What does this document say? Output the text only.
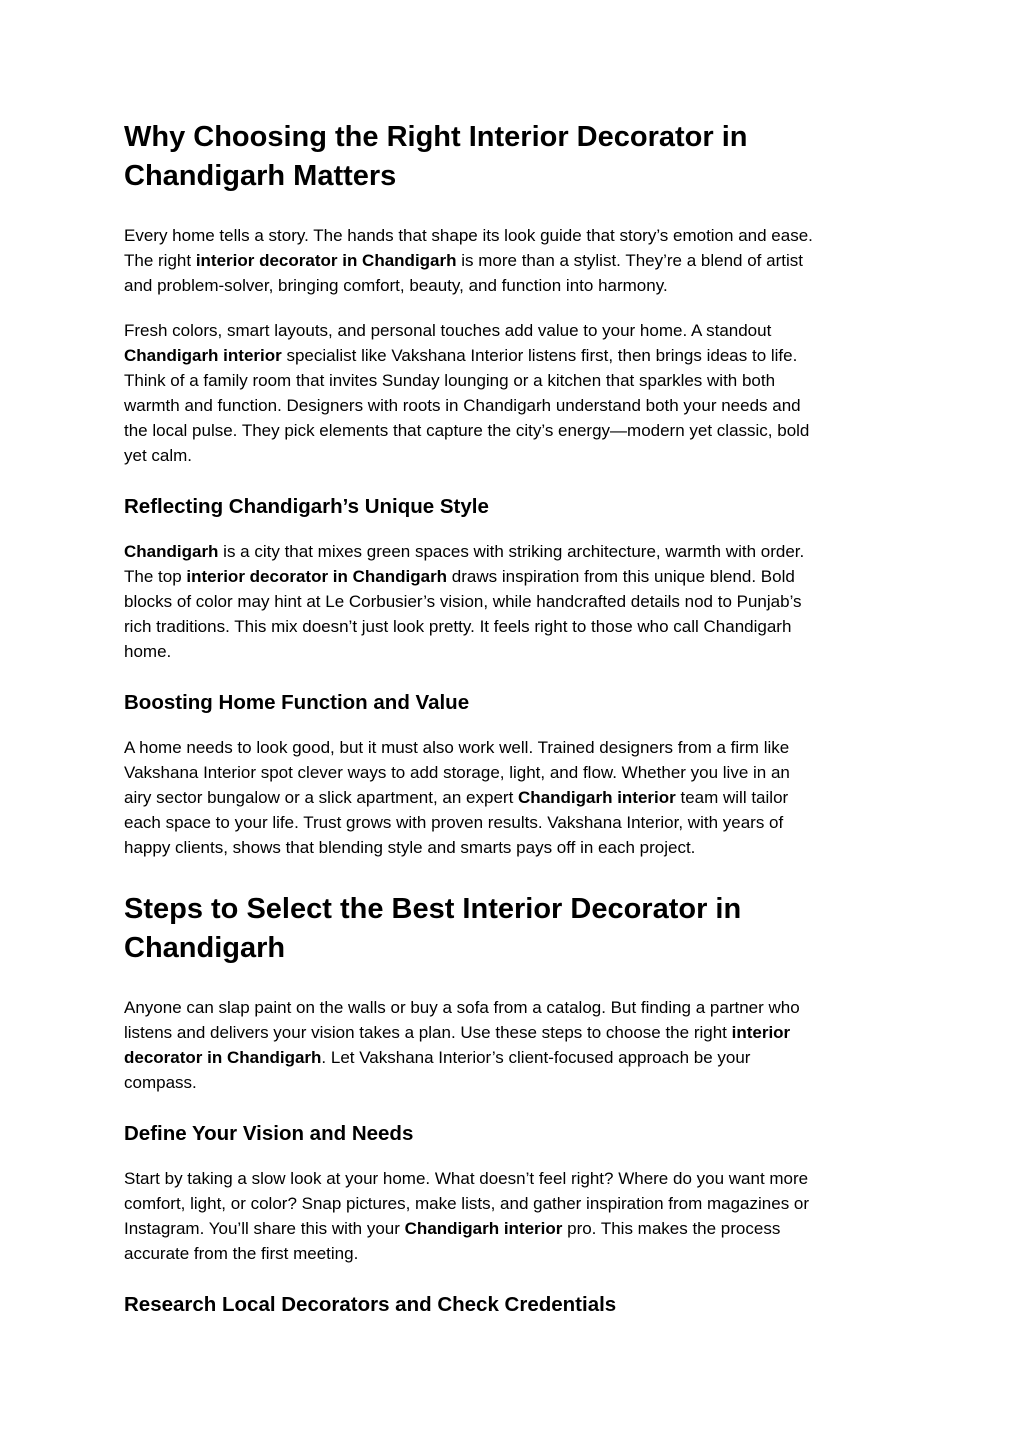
Why Choosing the Right Interior Decorator in
Chandigarh Matters

Every home tells a story. The hands that shape its look guide that story’s emotion and ease.
The right interior decorator in Chandigarh is more than a stylist. They’re a blend of artist
and problem-solver, bringing comfort, beauty, and function into harmony.

Fresh colors, smart layouts, and personal touches add value to your home. A standout
Chandigarh interior specialist like Vakshana Interior listens first, then brings ideas to life.
Think of a family room that invites Sunday lounging or a kitchen that sparkles with both
warmth and function. Designers with roots in Chandigarh understand both your needs and
the local pulse. They pick elements that capture the city’s energy—modern yet classic, bold
yet calm.

Reflecting Chandigarh’s Unique Style

Chandigarh is a city that mixes green spaces with striking architecture, warmth with order.
The top interior decorator in Chandigarh draws inspiration from this unique blend. Bold
blocks of color may hint at Le Corbusier’s vision, while handcrafted details nod to Punjab’s
rich traditions. This mix doesn’t just look pretty. It feels right to those who call Chandigarh
home.

Boosting Home Function and Value

A home needs to look good, but it must also work well. Trained designers from a firm like
Vakshana Interior spot clever ways to add storage, light, and flow. Whether you live in an
airy sector bungalow or a slick apartment, an expert Chandigarh interior team will tailor
each space to your life. Trust grows with proven results. Vakshana Interior, with years of
happy clients, shows that blending style and smarts pays off in each project.

Steps to Select the Best Interior Decorator in
Chandigarh

Anyone can slap paint on the walls or buy a sofa from a catalog. But finding a partner who
listens and delivers your vision takes a plan. Use these steps to choose the right interior
decorator in Chandigarh. Let Vakshana Interior’s client-focused approach be your
compass.

Define Your Vision and Needs

Start by taking a slow look at your home. What doesn’t feel right? Where do you want more
comfort, light, or color? Snap pictures, make lists, and gather inspiration from magazines or
Instagram. You’ll share this with your Chandigarh interior pro. This makes the process
accurate from the first meeting.

Research Local Decorators and Check Credentials
